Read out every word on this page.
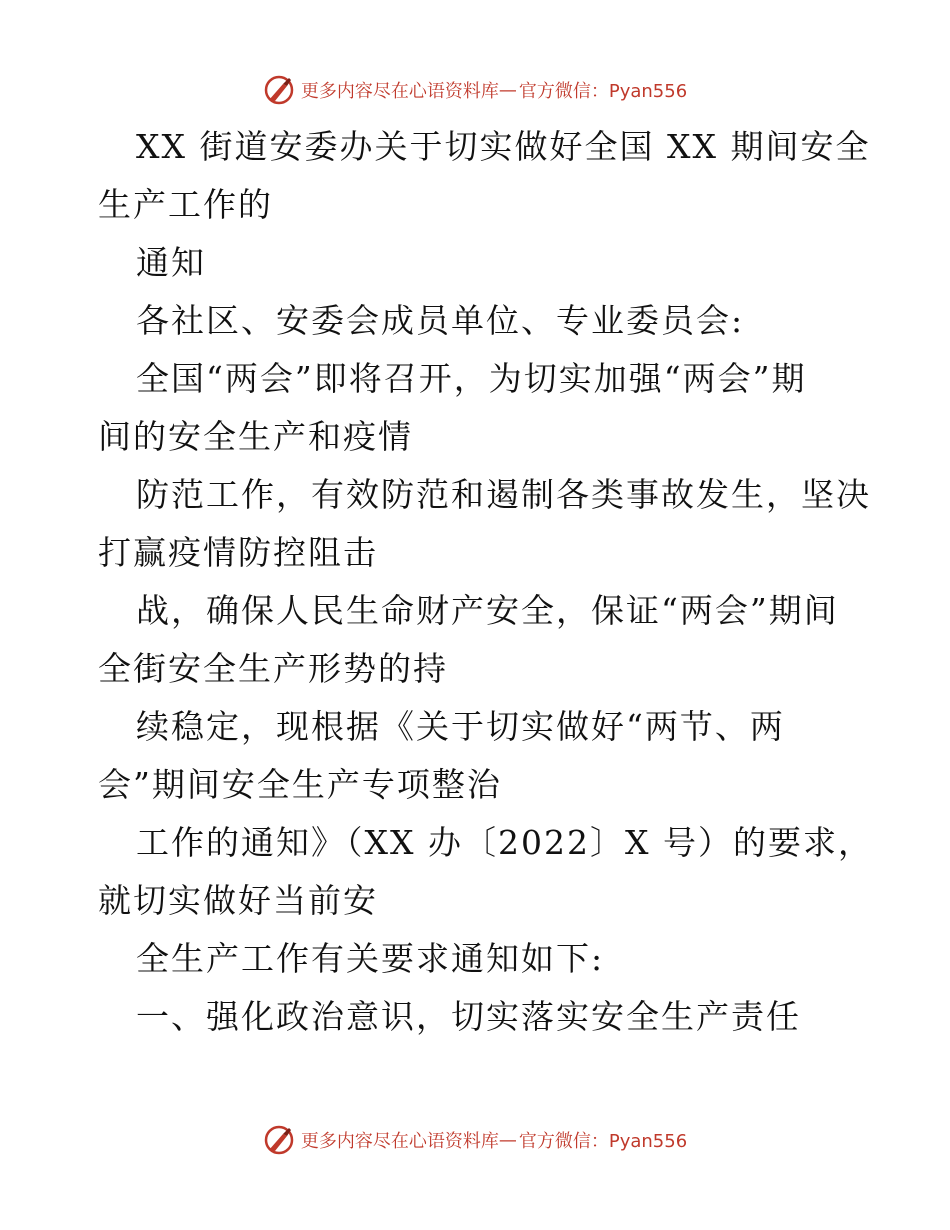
更多内容尽在心语资料库 — 官方微信：Pyan556
XX 街道安委办关于切实做好全国 XX 期间安全
生产工作的
通知
各社区、安委会成员单位、专业委员会:
全国“两会”即将召开，为切实加强“两会”期
间的安全生产和疫情
防范工作，有效防范和遏制各类事故发生，坚决
打赢疫情防控阻击
战，确保人民生命财产安全，保证“两会”期间
全街安全生产形势的持
续稳定，现根据《关于切实做好“两节、两
会”期间安全生产专项整治
工作的通知》（XX 办〔2022〕X 号）的要求，
就切实做好当前安
全生产工作有关要求通知如下:
一、强化政治意识，切实落实安全生产责任
更多内容尽在心语资料库 — 官方微信：Pyan556
